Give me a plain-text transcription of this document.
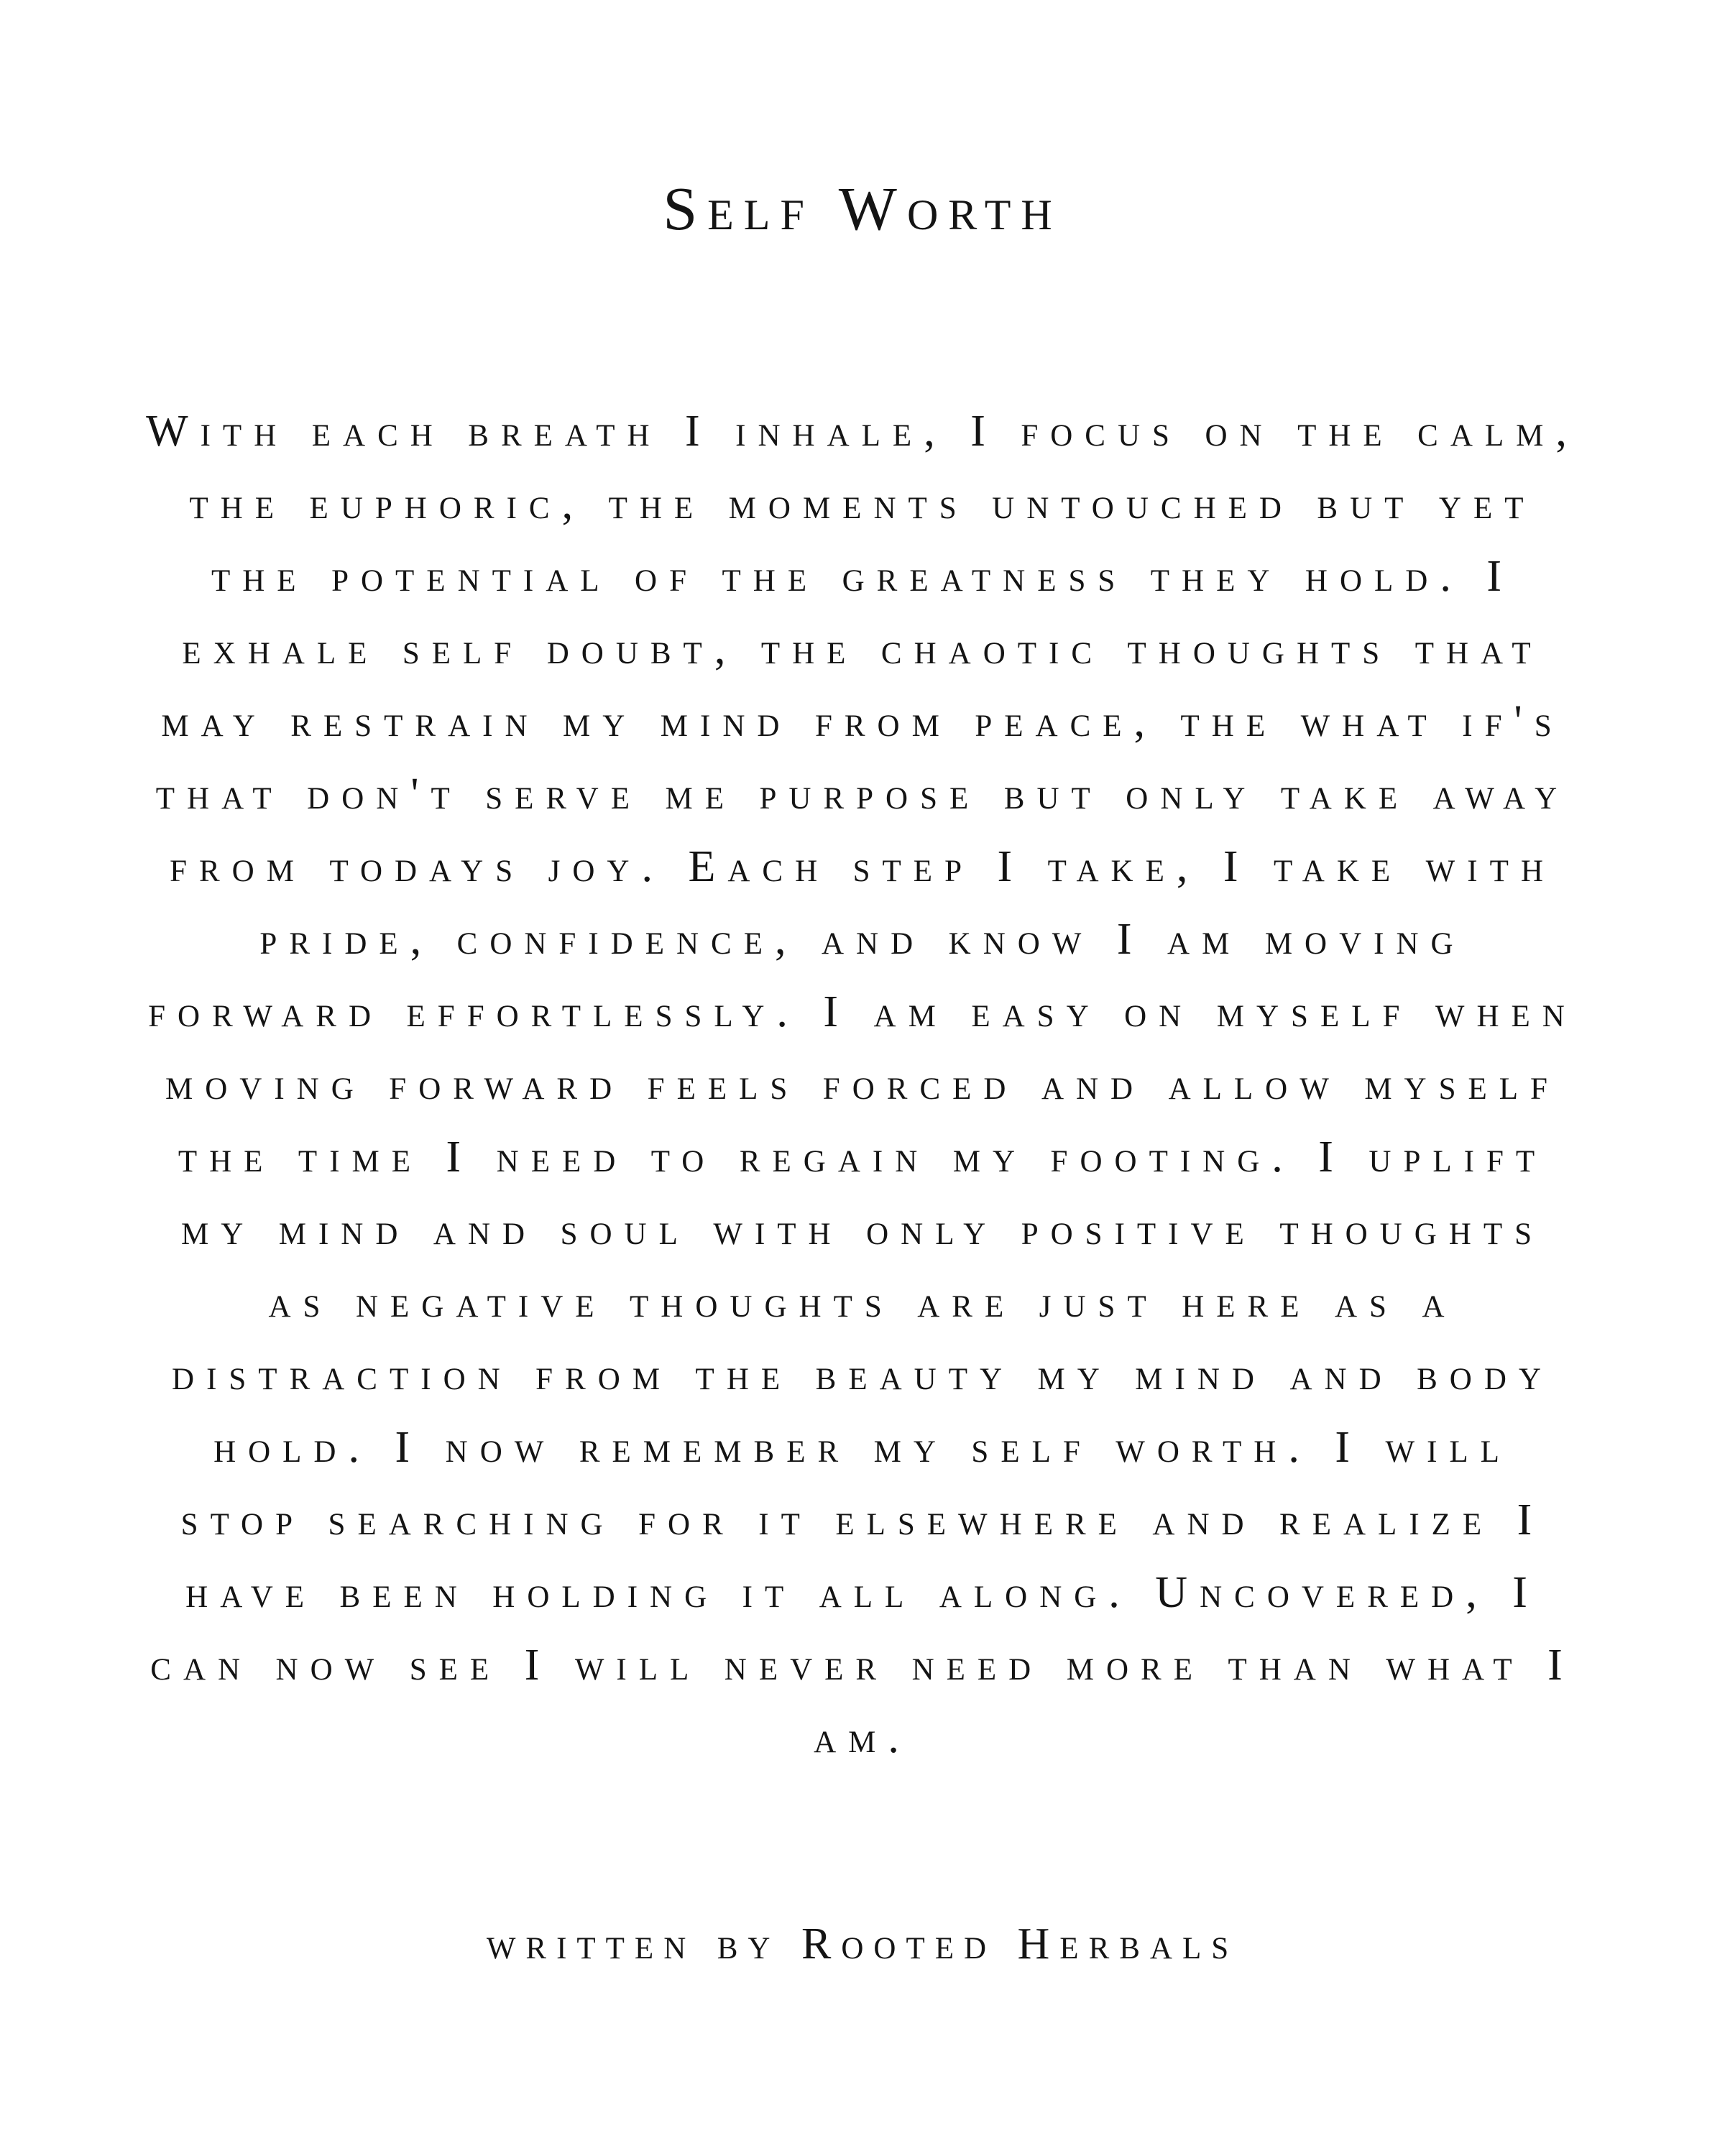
Self Worth
With each breath I inhale, I focus on the calm,
the euphoric, the moments untouched but yet
the potential of the greatness they hold. I
exhale self doubt, the chaotic thoughts that
may restrain my mind from peace, the what if's
that don't serve me purpose but only take away
from todays joy. Each step I take, I take with
pride, confidence, and know I am moving
forward effortlessly. I am easy on myself when
moving forward feels forced and allow myself
the time I need to regain my footing. I uplift
my mind and soul with only positive thoughts
as negative thoughts are just here as a
distraction from the beauty my mind and body
hold. I now remember my self worth. I will
stop searching for it elsewhere and realize I
have been holding it all along. Uncovered, I
can now see I will never need more than what I
am.
written by Rooted Herbals
